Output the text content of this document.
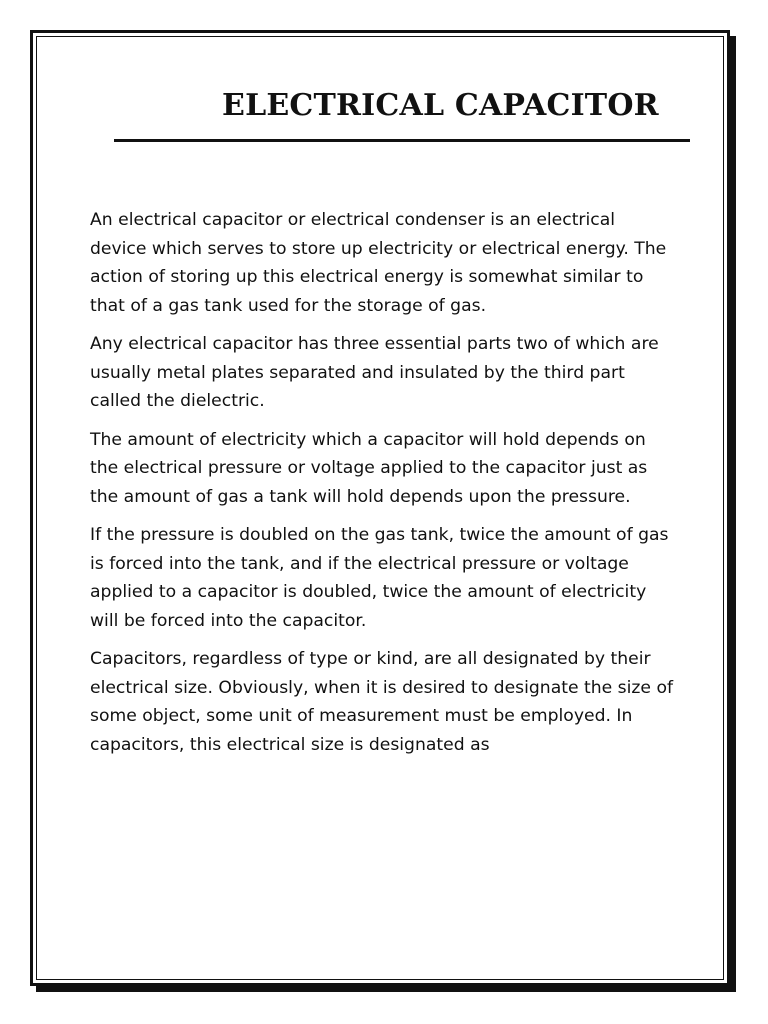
ELECTRICAL CAPACITOR

An electrical capacitor or electrical condenser is an electrical device which serves to store up electricity or electrical energy. The action of storing up this electrical energy is somewhat similar to that of a gas tank used for the storage of gas.

Any electrical capacitor has three essential parts two of which are usually metal plates separated and insulated by the third part called the dielectric.

The amount of electricity which a capacitor will hold depends on the electrical pressure or voltage applied to the capacitor just as the amount of gas a tank will hold depends upon the pressure.

If the pressure is doubled on the gas tank, twice the amount of gas is forced into the tank, and if the electrical pressure or voltage applied to a capacitor is doubled, twice the amount of electricity will be forced into the capacitor.

Capacitors, regardless of type or kind, are all designated by their electrical size. Obviously, when it is desired to designate the size of some object, some unit of measurement must be employed. In capacitors, this electrical size is designated as
